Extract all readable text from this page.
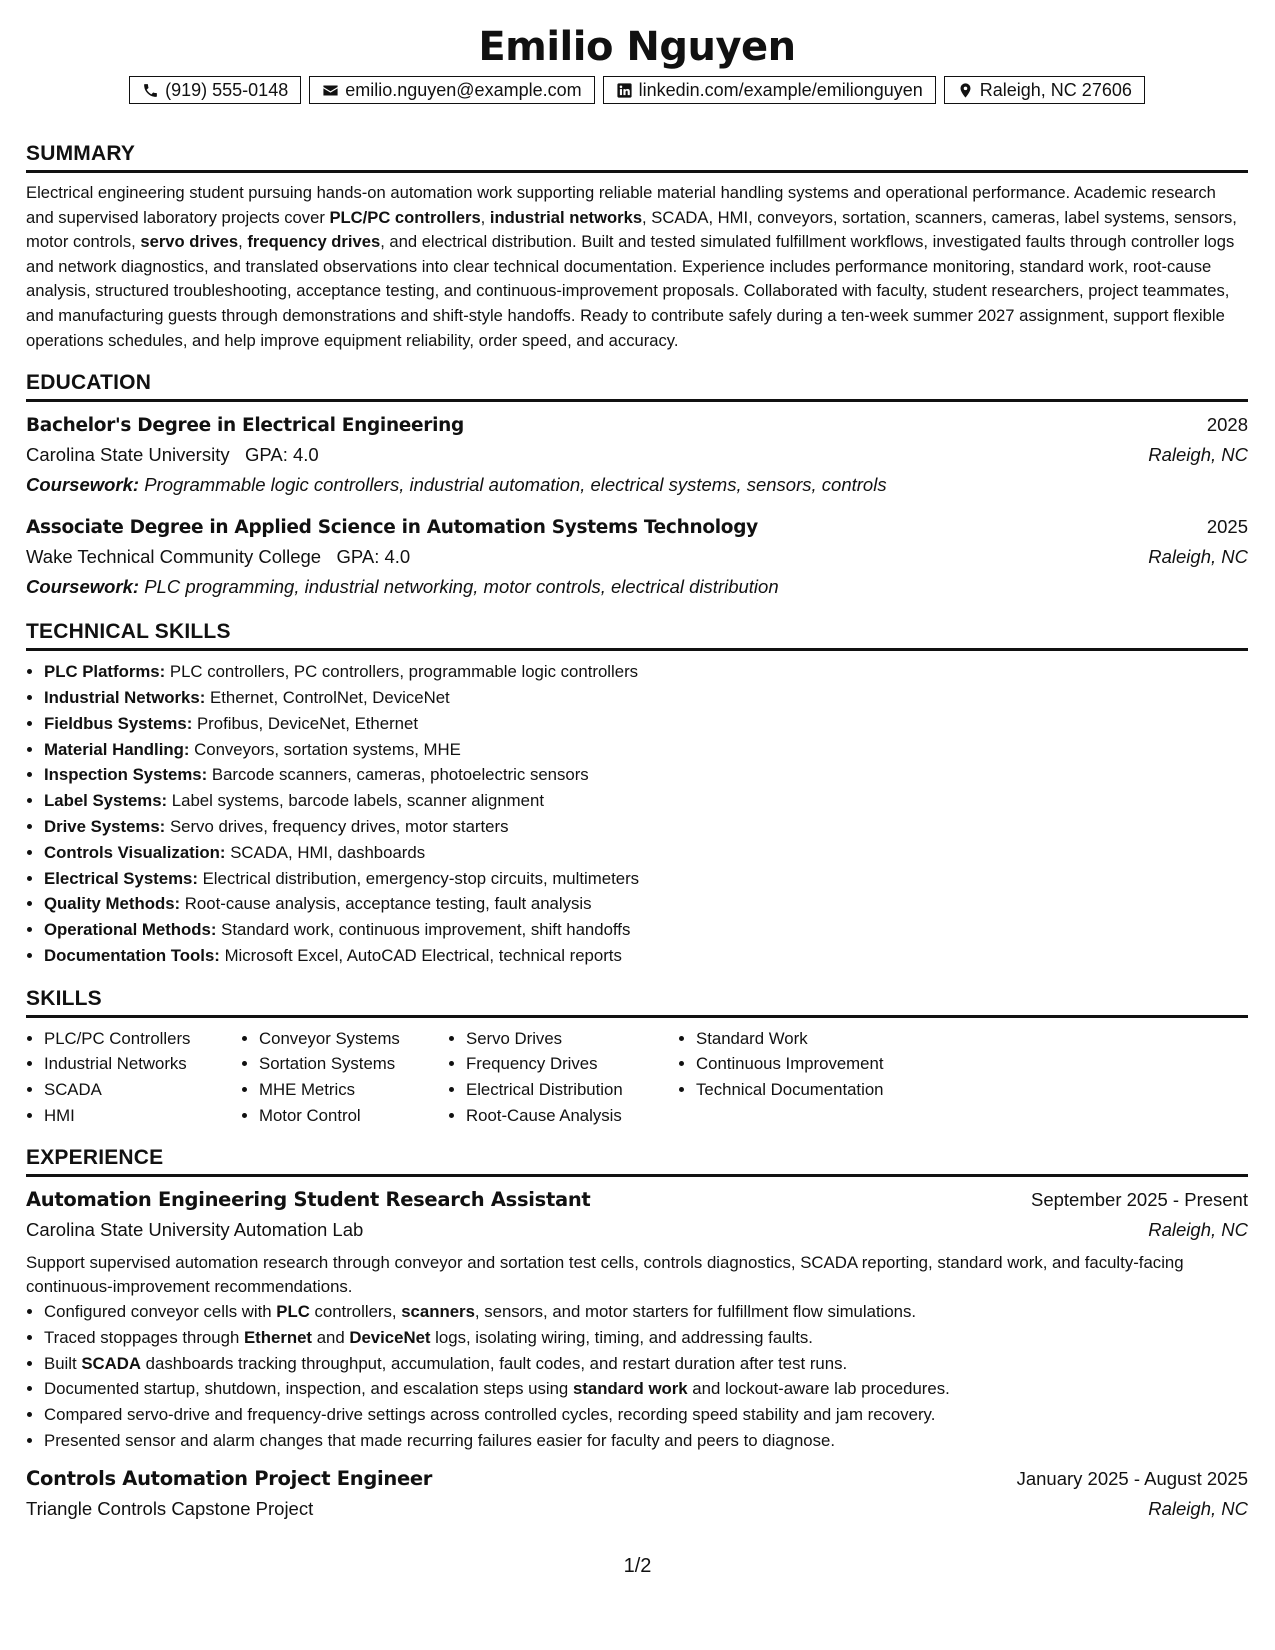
Emilio Nguyen
(919) 555-0148	emilio.nguyen@example.com	linkedin.com/example/emilionguyen	Raleigh, NC 27606
SUMMARY
Electrical engineering student pursuing hands-on automation work supporting reliable material handling systems and operational performance. Academic research and supervised laboratory projects cover PLC/PC controllers, industrial networks, SCADA, HMI, conveyors, sortation, scanners, cameras, label systems, sensors, motor controls, servo drives, frequency drives, and electrical distribution. Built and tested simulated fulfillment workflows, investigated faults through controller logs and network diagnostics, and translated observations into clear technical documentation. Experience includes performance monitoring, standard work, root-cause analysis, structured troubleshooting, acceptance testing, and continuous-improvement proposals. Collaborated with faculty, student researchers, project teammates, and manufacturing guests through demonstrations and shift-style handoffs. Ready to contribute safely during a ten-week summer 2027 assignment, support flexible operations schedules, and help improve equipment reliability, order speed, and accuracy.
EDUCATION
Bachelor's Degree in Electrical Engineering	2028
Carolina State University GPA: 4.0	Raleigh, NC
Coursework: Programmable logic controllers, industrial automation, electrical systems, sensors, controls
Associate Degree in Applied Science in Automation Systems Technology	2025
Wake Technical Community College GPA: 4.0	Raleigh, NC
Coursework: PLC programming, industrial networking, motor controls, electrical distribution
TECHNICAL SKILLS
• PLC Platforms: PLC controllers, PC controllers, programmable logic controllers
• Industrial Networks: Ethernet, ControlNet, DeviceNet
• Fieldbus Systems: Profibus, DeviceNet, Ethernet
• Material Handling: Conveyors, sortation systems, MHE
• Inspection Systems: Barcode scanners, cameras, photoelectric sensors
• Label Systems: Label systems, barcode labels, scanner alignment
• Drive Systems: Servo drives, frequency drives, motor starters
• Controls Visualization: SCADA, HMI, dashboards
• Electrical Systems: Electrical distribution, emergency-stop circuits, multimeters
• Quality Methods: Root-cause analysis, acceptance testing, fault analysis
• Operational Methods: Standard work, continuous improvement, shift handoffs
• Documentation Tools: Microsoft Excel, AutoCAD Electrical, technical reports
SKILLS
• PLC/PC Controllers
• Industrial Networks
• SCADA
• HMI
• Conveyor Systems
• Sortation Systems
• MHE Metrics
• Motor Control
• Servo Drives
• Frequency Drives
• Electrical Distribution
• Root-Cause Analysis
• Standard Work
• Continuous Improvement
• Technical Documentation
EXPERIENCE
Automation Engineering Student Research Assistant	September 2025 - Present
Carolina State University Automation Lab	Raleigh, NC
Support supervised automation research through conveyor and sortation test cells, controls diagnostics, SCADA reporting, standard work, and faculty-facing continuous-improvement recommendations.
• Configured conveyor cells with PLC controllers, scanners, sensors, and motor starters for fulfillment flow simulations.
• Traced stoppages through Ethernet and DeviceNet logs, isolating wiring, timing, and addressing faults.
• Built SCADA dashboards tracking throughput, accumulation, fault codes, and restart duration after test runs.
• Documented startup, shutdown, inspection, and escalation steps using standard work and lockout-aware lab procedures.
• Compared servo-drive and frequency-drive settings across controlled cycles, recording speed stability and jam recovery.
• Presented sensor and alarm changes that made recurring failures easier for faculty and peers to diagnose.
Controls Automation Project Engineer	January 2025 - August 2025
Triangle Controls Capstone Project	Raleigh, NC
1/2
